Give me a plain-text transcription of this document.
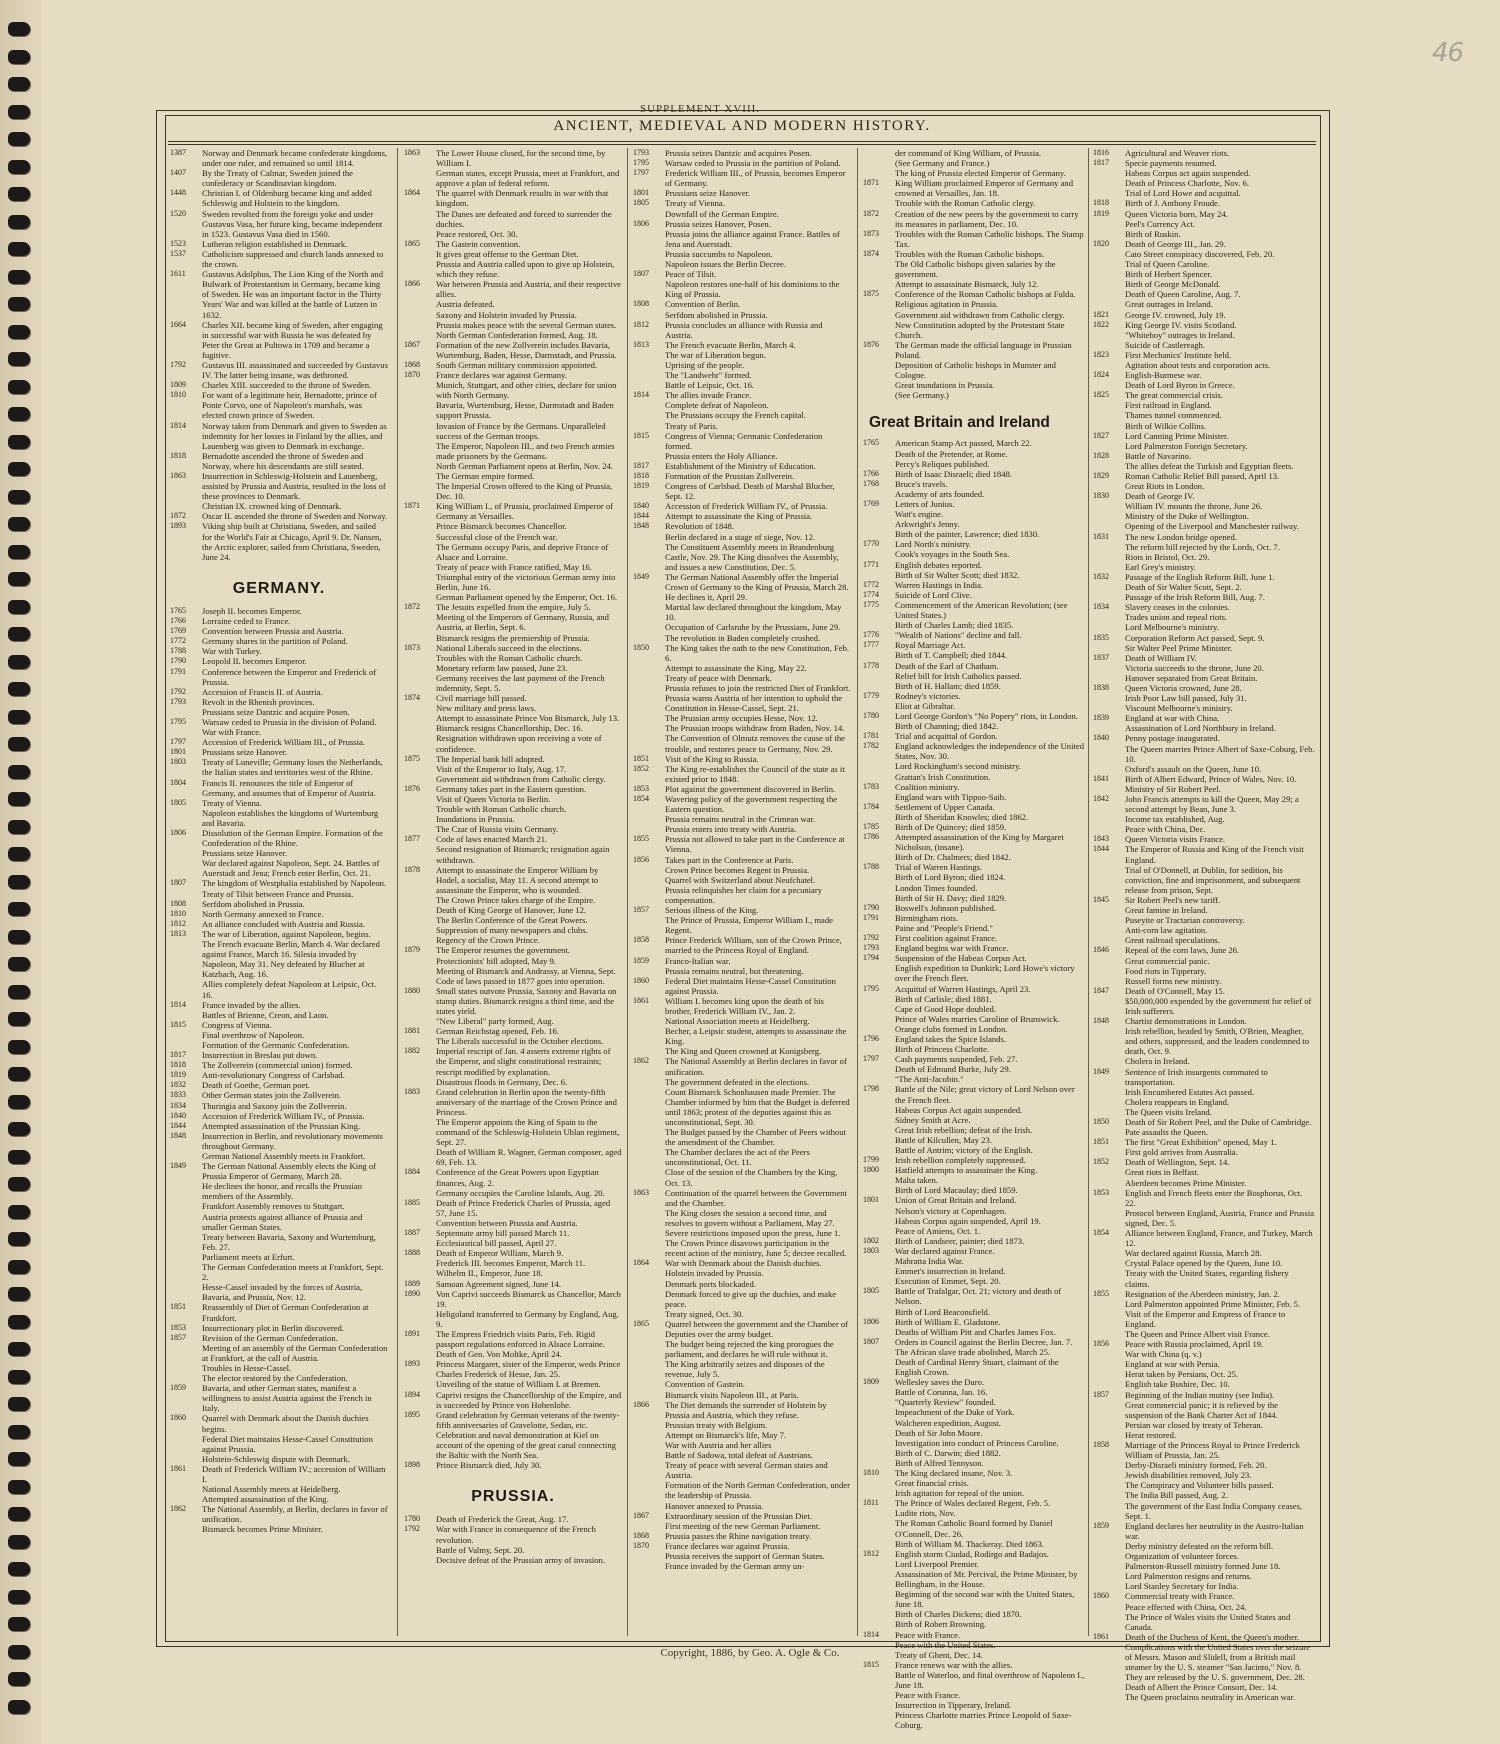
46
SUPPLEMENT XVIII.
ANCIENT, MEDIEVAL AND MODERN HISTORY.
1387	Norway and Denmark became confederate kingdoms, under one ruler, and remained so until 1814.
1407	By the Treaty of Calmar, Sweden joined the confederacy or Scandinavian kingdom.
1448	Christian I. of Oldenburg became king and added Schleswig and Holstein to the kingdom.
1520	Sweden revolted from the foreign yoke and under Gustavus Vasa, her future king, became independent in 1523. Gustavus Vasa died in 1560.
1523	Lutheran religion established in Denmark.
1537	Catholicism suppressed and church lands annexed to the crown.
1611	Gustavus Adolphus, The Lion King of the North and Bulwark of Protestantism in Germany, became king of Sweden. He was an important factor in the Thirty Years' War and was killed at the battle of Lutzen in 1632.
1664	Charles XII. became king of Sweden, after engaging in successful war with Russia he was defeated by Peter the Great at Pultowa in 1709 and became a fugitive.
1792	Gustavus III. assassinated and succeeded by Gustavus IV. The latter being insane, was dethroned.
1809	Charles XIII. succeeded to the throne of Sweden.
1810	For want of a legitimate heir, Bernadotte, prince of Ponte Corvo, one of Napoleon's marshals, was elected crown prince of Sweden.
1814	Norway taken from Denmark and given to Sweden as indemnity for her losses in Finland by the allies, and Lauenberg was given to Denmark in exchange.
1818	Bernadotte ascended the throne of Sweden and Norway, where his descendants are still seated.
1863	Insurrection in Schleswig-Holstein and Lauenberg, assisted by Prussia and Austria, resulted in the loss of these provinces to Denmark.
Christian IX. crowned king of Denmark.
1872	Oscar II. ascended the throne of Sweden and Norway.
1893	Viking ship built at Christiana, Sweden, and sailed for the World's Fair at Chicago, April 9. Dr. Nansen, the Arctic explorer, sailed from Christiana, Sweden, June 24.
GERMANY.
1765	Joseph II. becomes Emperor.
1766	Lorraine ceded to France.
1769	Convention between Prussia and Austria.
1772	Germany shares in the partition of Poland.
1788	War with Turkey.
1790	Leopold II. becomes Emperor.
1791	Conference between the Emperor and Frederick of Prussia.
1792	Accession of Francis II. of Austria.
1793	Revolt in the Rhenish provinces.
Prussians seize Dantzic and acquire Posen.
1795	Warsaw ceded to Prussia in the division of Poland.
War with France.
1797	Accession of Frederick William III., of Prussia.
1801	Prussians seize Hanover.
1803	Treaty of Luneville; Germany loses the Netherlands, the Italian states and territories west of the Rhine.
1804	Francis II. renounces the title of Emperor of Germany, and assumes that of Emperor of Austria.
1805	Treaty of Vienna.
Napoleon establishes the kingdoms of Wurtemburg and Bavaria.
1806	Dissolution of the German Empire. Formation of the Confederation of the Rhine.
Prussians seize Hanover.
War declared against Napoleon, Sept. 24. Battles of Auerstadt and Jena; French enter Berlin, Oct. 21.
1807	The kingdom of Westphalia established by Napoleon.
Treaty of Tilsit between France and Prussia.
1808	Serfdom abolished in Prussia.
1810	North Germany annexed to France.
1812	An alliance concluded with Austria and Russia.
1813	The war of Liberation, against Napoleon, begins.
The French evacuate Berlin, March 4. War declared against France, March 16. Silesia invaded by Napoleon, May 31. Ney defeated by Blucher at Katzbach, Aug. 16.
Allies completely defeat Napoleon at Leipsic, Oct. 16.
1814	France invaded by the allies.
Battles of Brienne, Creon, and Laon.
1815	Congress of Vienna.
Final overthrow of Napoleon.
Formation of the Germanic Confederation.
1817	Insurrection in Breslau put down.
1818	The Zollverein (commercial union) formed.
1819	Anti-revolutionary Congress of Carlsbad.
1832	Death of Goethe, German poet.
1833	Other German states join the Zollverein.
1834	Thuringia and Saxony join the Zollverein.
1840	Accession of Frederick William IV., of Prussia.
1844	Attempted assassination of the Prussian King.
1848	Insurrection in Berlin, and revolutionary movements throughout Germany.
German National Assembly meets in Frankfort.
1849	The German National Assembly elects the King of Prussia Emperor of Germany, March 28.
He declines the honor, and recalls the Prussian members of the Assembly.
Frankfort Assembly removes to Stuttgart.
Austria protests against alliance of Prussia and smaller German States.
Treaty between Bavaria, Saxony and Wurtemburg, Feb. 27.
Parliament meets at Erfurt.
The German Confederation meets at Frankfort, Sept. 2.
Hesse-Cassel invaded by the forces of Austria, Bavaria, and Prussia, Nov. 12.
1851	Reassembly of Diet of German Confederation at Frankfort.
1853	Insurrectionary plot in Berlin discovered.
1857	Revision of the German Confederation.
Meeting of an assembly of the German Confederation at Frankfort, at the call of Austria.
Troubles in Hesse-Cassel.
The elector restored by the Confederation.
1859	Bavaria, and other German states, manifest a willingness to assist Austria against the French in Italy.
1860	Quarrel with Denmark about the Danish duchies begins.
Federal Diet maintains Hesse-Cassel Constitution against Prussia.
Holstein-Schleswig dispute with Denmark.
1861	Death of Frederick William IV.; accession of William I.
National Assembly meets at Heidelberg.
Attempted assassination of the King.
1862	The National Assembly, at Berlin, declares in favor of unification.
Bismarck becomes Prime Minister.
1863	The Lower House closed, for the second time, by William I.
German states, except Prussia, meet at Frankfort, and approve a plan of federal reform.
1864	The quarrel with Denmark results in war with that kingdom.
The Danes are defeated and forced to surrender the duchies.
Peace restored, Oct. 30.
1865	The Gastein convention.
It gives great offense to the German Diet.
Prussia and Austria called upon to give up Holstein, which they refuse.
1866	War between Prussia and Austria, and their respective allies.
Austria defeated.
Saxony and Holstein invaded by Prussia.
Prussia makes peace with the several German states.
North German Confederation formed, Aug. 18.
1867	Formation of the new Zollverein includes Bavaria, Wurtemburg, Baden, Hesse, Darmstadt, and Prussia.
1868	South German military commission appointed.
1870	France declares war against Germany.
Munich, Stuttgart, and other cities, declare for union with North Germany.
Bavaria, Wurtemburg, Hesse, Darmstadt and Baden support Prussia.
Invasion of France by the Germans. Unparalleled success of the German troops.
The Emperor, Napoleon III., and two French armies made prisoners by the Germans.
North German Parliament opens at Berlin, Nov. 24.
The German empire formed.
The Imperial Crown offered to the King of Prussia, Dec. 10.
1871	King William I., of Prussia, proclaimed Emperor of Germany at Versailles.
Prince Bismarck becomes Chancellor.
Successful close of the French war.
The Germans occupy Paris, and deprive France of Alsace and Lorraine.
Treaty of peace with France ratified, May 16.
Triumphal entry of the victorious German army into Berlin, June 16.
German Parliament opened by the Emperor, Oct. 16.
1872	The Jesuits expelled from the empire, July 5.
Meeting of the Emperors of Germany, Russia, and Austria, at Berlin, Sept. 6.
Bismarck resigns the premiership of Prussia.
1873	National Liberals succeed in the elections.
Troubles with the Roman Catholic church.
Monetary reform law passed, June 23.
Germany receives the last payment of the French indemnity, Sept. 5.
1874	Civil marriage bill passed.
New military and press laws.
Attempt to assassinate Prince Von Bismarck, July 13.
Bismarck resigns Chancellorship, Dec. 16. Resignation withdrawn upon receiving a vote of confidence.
1875	The Imperial bank bill adopted.
Visit of the Emperor to Italy, Aug. 17.
Government aid withdrawn from Catholic clergy.
1876	Germany takes part in the Eastern question.
Visit of Queen Victoria to Berlin.
Trouble with Roman Catholic church.
Inundations in Prussia.
The Czar of Russia visits Germany.
1877	Code of laws enacted March 21.
Second resignation of Bismarck; resignation again withdrawn.
1878	Attempt to assassinate the Emperor William by Hodel, a socialist, May 11. A second attempt to assassinate the Emperor, who is wounded.
The Crown Prince takes charge of the Empire.
Death of King George of Hanover, June 12.
The Berlin Conference of the Great Powers.
Suppression of many newspapers and clubs.
Regency of the Crown Prince.
1879	The Emperor resumes the government.
Protectionists' bill adopted, May 9.
Meeting of Bismarck and Andrassy, at Vienna, Sept.
Code of laws passed in 1877 goes into operation.
1880	Small states outvote Prussia, Saxony and Bavaria on stamp duties. Bismarck resigns a third time, and the states yield.
"New Liberal" party formed, Aug.
1881	German Reichstag opened, Feb. 16.
The Liberals successful in the October elections.
1882	Imperial rescript of Jan. 4 asserts extreme rights of the Emperor, and slight constitutional restraints; rescript modified by explanation.
Disastrous floods in Germany, Dec. 6.
1883	Grand celebration in Berlin upon the twenty-fifth anniversary of the marriage of the Crown Prince and Princess.
The Emperor appoints the King of Spain to the command of the Schleswig-Holstein Uhlan regiment, Sept. 27.
Death of William R. Wagner, German composer, aged 69, Feb. 13.
1884	Conference of the Great Powers upon Egyptian finances, Aug. 2.
Germany occupies the Caroline Islands, Aug. 20.
1885	Death of Prince Frederick Charles of Prussia, aged 57, June 15.
Convention between Prussia and Austria.
1887	Septennate army bill passed March 11.
Ecclesiastical bill passed, April 27.
1888	Death of Emperor William, March 9.
Frederick III. becomes Emperor, March 11.
Wilhelm II., Emperor, June 18.
1889	Samoan Agreement signed, June 14.
1890	Von Caprivi succeeds Bismarck as Chancellor, March 19.
Heligoland transferred to Germany by England, Aug. 9.
1891	The Empress Friedrich visits Paris, Feb. Rigid passport regulations enforced in Alsace Lorraine.
Death of Gen. Von Moltke, April 24.
1893	Princess Margaret, sister of the Emperor, weds Prince Charles Frederick of Hesse, Jan. 25.
Unveiling of the statue of William I. at Bremen.
1894	Caprivi resigns the Chancellorship of the Empire, and is succeeded by Prince von Hohenlohe.
1895	Grand celebration by German veterans of the twenty-fifth anniversaries of Gravelotte, Sedan, etc.
Celebration and naval demonstration at Kiel on account of the opening of the great canal connecting the Baltic with the North Sea.
1898	Prince Bismarck died, July 30.
PRUSSIA.
1780	Death of Frederick the Great, Aug. 17.
1792	War with France in consequence of the French revolution.
Battle of Valmy, Sept. 20.
Decisive defeat of the Prussian army of invasion.
1793	Prussia seizes Dantzic and acquires Posen.
1795	Warsaw ceded to Prussia in the partition of Poland.
1797	Frederick William III., of Prussia, becomes Emperor of Germany.
1801	Prussians seize Hanover.
1805	Treaty of Vienna.
Downfall of the German Empire.
1806	Prussia seizes Hanover, Posen.
Prussia joins the alliance against France. Battles of Jena and Auerstadt.
Prussia succumbs to Napoleon.
Napoleon issues the Berlin Decree.
1807	Peace of Tilsit.
Napoleon restores one-half of his dominions to the King of Prussia.
1808	Convention of Berlin.
Serfdom abolished in Prussia.
1812	Prussia concludes an alliance with Russia and Austria.
1813	The French evacuate Berlin, March 4.
The war of Liberation begun.
Uprising of the people.
The "Landwehr" formed.
Battle of Leipsic, Oct. 16.
1814	The allies invade France.
Complete defeat of Napoleon.
The Prussians occupy the French capital.
Treaty of Paris.
1815	Congress of Vienna; Germanic Confederation formed.
Prussia enters the Holy Alliance.
1817	Establishment of the Ministry of Education.
1818	Formation of the Prussian Zollverein.
1819	Congress of Carlsbad. Death of Marshal Blucher, Sept. 12.
1840	Accession of Frederick William IV., of Prussia.
1844	Attempt to assassinate the King of Prussia.
1848	Revolution of 1848.
Berlin declared in a stage of siege, Nov. 12.
The Constituent Assembly meets in Brandenburg Castle, Nov. 29. The King dissolves the Assembly, and issues a new Constitution, Dec. 5.
1849	The German National Assembly offer the Imperial Crown of Germany to the King of Prussia, March 28. He declines it, April 29.
Martial law declared throughout the kingdom, May 10.
Occupation of Carlsruhe by the Prussians, June 29.
The revolution in Baden completely crushed.
1850	The King takes the oath to the new Constitution, Feb. 6.
Attempt to assassinate the King, May 22.
Treaty of peace with Denmark.
Prussia refuses to join the restricted Diet of Frankfort.
Prussia warns Austria of her intention to uphold the Constitution in Hesse-Cassel, Sept. 21.
The Prussian army occupies Hesse, Nov. 12.
The Prussian troops withdraw from Baden, Nov. 14.
The Convention of Olmutz removes the cause of the trouble, and restores peace to Germany, Nov. 29.
1851	Visit of the King to Russia.
1852	The King re-establishes the Council of the state as it existed prior to 1848.
1853	Plot against the government discovered in Berlin.
1854	Wavering policy of the government respecting the Eastern question.
Prussia remains neutral in the Crimean war.
Prussia enters into treaty with Austria.
1855	Prussia not allowed to take part in the Conference at Vienna.
1856	Takes part in the Conference at Paris.
Crown Prince becomes Regent in Prussia.
Quarrel with Switzerland about Neufchatel.
Prussia relinquishes her claim for a pecuniary compensation.
1857	Serious illness of the King.
The Prince of Prussia, Emperor William I., made Regent.
1858	Prince Frederick William, son of the Crown Prince, married to the Princess Royal of England.
1859	Franco-Italian war.
Prussia remains neutral, but threatening.
1860	Federal Diet maintains Hesse-Cassel Constitution against Prussia.
1861	William I. becomes king upon the death of his brother, Frederick William IV., Jan. 2.
National Association meets at Heidelberg.
Becher, a Leipsic student, attempts to assassinate the King.
The King and Queen crowned at Konigsberg.
1862	The National Assembly at Berlin declares in favor of unification.
The government defeated in the elections.
Count Bismarck Schonhausen made Premier. The Chamber informed by him that the Budget is deferred until 1863; protest of the deputies against this as unconstitutional, Sept. 30.
The Budget passed by the Chamber of Peers without the amendment of the Chamber.
The Chamber declares the act of the Peers unconstitutional, Oct. 11.
Close of the session of the Chambers by the King, Oct. 13.
1863	Continuation of the quarrel between the Government and the Chamber.
The King closes the session a second time, and resolves to govern without a Parliament, May 27.
Severe restrictions imposed upon the press, June 1.
The Crown Prince disavows participation in the recent action of the ministry, June 5; decree recalled.
1864	War with Denmark about the Danish duchies.
Holstein invaded by Prussia.
Denmark ports blockaded.
Denmark forced to give up the duchies, and make peace.
Treaty signed, Oct. 30.
1865	Quarrel between the government and the Chamber of Deputies over the army budget.
The budget being rejected the king prorogues the parliament, and declares he will rule without it.
The King arbitrarily seizes and disposes of the revenue, July 5.
Convention of Gastein.
Bismarck visits Napoleon III., at Paris.
1866	The Diet demands the surrender of Holstein by Prussia and Austria, which they refuse.
Prussian treaty with Belgium.
Attempt on Bismarck's life, May 7.
War with Austria and her allies
Battle of Sadowa, total defeat of Austrians.
Treaty of peace with several German states and Austria.
Formation of the North German Confederation, under the leadership of Prussia.
Hanover annexed to Prussia.
1867	Extraordinary session of the Prussian Diet.
First meeting of the new German Parliament.
1868	Prussia passes the Rhine navigation treaty.
1870	France declares war against Prussia.
Prussia receives the support of German States.
France invaded by the German army un-
der command of King William, of Prussia.
(See Germany and France.)
The king of Prussia elected Emperor of Germany.
1871	King William proclaimed Emperor of Germany and crowned at Versailles, Jan. 18.
Trouble with the Roman Catholic clergy.
1872	Creation of the new peers by the government to carry its measures in parliament, Dec. 10.
1873	Troubles with the Roman Catholic bishops. The Stamp Tax.
1874	Troubles with the Roman Catholic bishops.
The Old Catholic bishops given salaries by the government.
Attempt to assassinate Bismarck, July 12.
1875	Conference of the Roman Catholic bishops at Fulda.
Religious agitation in Prussia.
Government aid withdrawn from Catholic clergy.
New Constitution adopted by the Protestant State Church.
1876	The German made the official language in Prussian Poland.
Deposition of Catholic bishops in Munster and Cologne.
Great inundations in Prussia.
(See Germany.)
Great Britain and Ireland
1765	American Stamp Act passed, March 22.
Death of the Pretender, at Rome.
Percy's Reliques published.
1766	Birth of Isaac Disraeli; died 1848.
1768	Bruce's travels.
Academy of arts founded.
1769	Letters of Junius.
Watt's engine.
Arkwright's Jenny.
Birth of the painter, Lawrence; died 1830.
1770	Lord North's ministry.
Cook's voyages in the South Sea.
1771	English debates reported.
Birth of Sir Walter Scott; died 1832.
1772	Warren Hastings in India.
1774	Suicide of Lord Clive.
1775	Commencement of the American Revolution; (see United States.)
Birth of Charles Lamb; died 1835.
1776	"Wealth of Nations" decline and fall.
1777	Royal Marriage Act.
Birth of T. Campbell; died 1844.
1778	Death of the Earl of Chatham.
Relief bill for Irish Catholics passed.
Birth of H. Hallam; died 1859.
1779	Rodney's victories.
Eliot at Gibraltar.
1780	Lord George Gordon's "No Popery" riots, in London.
Birth of Channing; died 1842.
1781	Trial and acquittal of Gordon.
1782	England acknowledges the independence of the United States, Nov. 30.
Lord Rockingham's second ministry.
Grattan's Irish Constitution.
1783	Coalition ministry.
England wars with Tippoo-Saib.
1784	Settlement of Upper Canada.
Birth of Sheridan Knowles; died 1862.
1785	Birth of De Quincey; died 1859.
1786	Attempted assassination of the King by Margaret Nicholson, (insane).
Birth of Dr. Chalmers; died 1842.
1788	Trial of Warren Hastings.
Birth of Lord Byron; died 1824.
London Times founded.
Birth of Sir H. Davy; died 1829.
1790	Boswell's Johnson published.
1791	Birmingham riots.
Paine and "People's Friend."
1792	First coalition against France.
1793	England begins war with France.
1794	Suspension of the Habeas Corpus Act.
English expedition to Dunkirk; Lord Howe's victory over the French fleet.
1795	Acquittal of Warren Hastings, April 23.
Birth of Carlisle; died 1881.
Cape of Good Hope doubled.
Prince of Wales marries Caroline of Brunswick.
Orange clubs formed in London.
1796	England takes the Spice Islands.
Birth of Princess Charlotte.
1797	Cash payments suspended, Feb. 27.
Death of Edmund Burke, July 29.
"The Anti-Jacobin."
1798	Battle of the Nile; great victory of Lord Nelson over the French fleet.
Habeas Corpus Act again suspended.
Sidney Smith at Acre.
Great Irish rebellion; defeat of the Irish.
Battle of Kilcullen, May 23.
Battle of Antrim; victory of the English.
1799	Irish rebellion completely suppressed.
1800	Hatfield attempts to assassinate the King.
Malta taken.
Birth of Lord Macaulay; died 1859.
1801	Union of Great Britain and Ireland.
Nelson's victory at Copenhagen.
Habeas Corpus again suspended, April 19.
Peace of Amiens, Oct. 1.
1802	Birth of Landseer, painter; died 1873.
1803	War declared against France.
Mahratta India War.
Emmet's insurrection in Ireland.
Execution of Emmet, Sept. 20.
1805	Battle of Trafalgar, Oct. 21; victory and death of Nelson.
Birth of Lord Beaconsfield.
1806	Birth of William E. Gladstone.
Deaths of William Pitt and Charles James Fox.
1807	Orders in Council against the Berlin Decree, Jan. 7.
The African slave trade abolished, March 25.
Death of Cardinal Henry Stuart, claimant of the English Crown.
1809	Wellesley saves the Duro.
Battle of Corunna, Jan. 16.
"Quarterly Review" founded.
Impeachment of the Duke of York.
Walcheren expedition, August.
Death of Sir John Moore.
Investigation into conduct of Princess Caroline.
Birth of C. Darwin; died 1882.
Birth of Alfred Tennyson.
1810	The King declared insane, Nov. 3.
Great financial crisis.
Irish agitation for repeal of the union.
1811	The Prince of Wales declared Regent, Feb. 5.
Ludite riots, Nov.
The Roman Catholic Board formed by Daniel O'Connell, Dec. 26.
Birth of William M. Thackeray. Died 1863.
1812	English storm Ciudad, Rodirgo and Badajos.
Lord Liverpool Premier.
Assassination of Mr. Percival, the Prime Minister, by Bellingham, in the House.
Beginning of the second war with the United States, June 18.
Birth of Charles Dickens; died 1870.
Birth of Robert Browning.
1814	Peace with France.
Peace with the United States.
Treaty of Ghent, Dec. 14.
1815	France renews war with the allies.
Battle of Waterloo, and final overthrow of Napoleon I., June 18.
Peace with France.
Insurrection in Tipperary, Ireland.
Princess Charlotte marries Prince Leopold of Saxe-Coburg.
1816	Agricultural and Weaver riots.
1817	Specie payments resumed.
Habeas Corpus act again suspended.
Death of Princess Charlotte, Nov. 6.
Trial of Lord Howe and acquittal.
1818	Birth of J. Anthony Froude.
1819	Queen Victoria born, May 24.
Peel's Currency Act.
Birth of Ruskin.
1820	Death of George III., Jan. 29.
Cato Street conspiracy discovered, Feb. 20.
Trial of Queen Caroline.
Birth of Herbert Spencer.
Birth of George McDonald.
Death of Queen Caroline, Aug. 7.
Great outrages in Ireland.
1821	George IV. crowned, July 19.
1822	King George IV. visits Scotland.
"Whiteboy" outrages in Ireland.
Suicide of Castlereagh.
1823	First Mechanics' Institute held.
Agitation about tests and corporation acts.
1824	English-Burmese war.
Death of Lord Byron in Greece.
1825	The great commercial crisis.
First railroad in England.
Thames tunnel commenced.
Birth of Wilkie Collins.
1827	Lord Canning Prime Minister.
Lord Palmerston Foreign Secretary.
1828	Battle of Navarino.
The allies defeat the Turkish and Egyptian fleets.
1829	Roman Catholic Relief Bill passed, April 13.
Great Riots in London.
1830	Death of George IV.
William IV. mounts the throne, June 26.
Ministry of the Duke of Wellington.
Opening of the Liverpool and Manchester railway.
1831	The new London bridge opened.
The reform bill rejected by the Lords, Oct. 7.
Riots in Bristol, Oct. 29.
Earl Grey's ministry.
1832	Passage of the English Reform Bill, June 1.
Death of Sir Walter Scott, Sept. 2.
Passage of the Irish Reform Bill, Aug. 7.
1834	Slavery ceases in the colonies.
Trades union and repeal riots.
Lord Melbourne's ministry.
1835	Corporation Reform Act passed, Sept. 9.
Sir Walter Peel Prime Minister.
1837	Death of William IV.
Victoria succeeds to the throne, June 20.
Hanover separated from Great Britain.
1838	Queen Victoria crowned, June 28.
Irish Poor Law bill passed, July 31.
Viscount Melbourne's ministry.
1839	England at war with China.
Assassination of Lord Northbury in Ireland.
1840	Penny postage inaugurated.
The Queen marries Prince Albert of Saxe-Coburg, Feb. 10.
Oxford's assault on the Queen, June 10.
1841	Birth of Albert Edward, Prince of Wales, Nov. 10.
Ministry of Sir Robert Peel.
1842	John Francis attempts to kill the Queen, May 29; a second attempt by Bean, June 3.
Income tax established, Aug.
Peace with China, Dec.
1843	Queen Victoria visits France.
1844	The Emperor of Russia and King of the French visit England.
Trial of O'Donnell, at Dublin, for sedition, his conviction, fine and imprisonment, and subsequent release from prison, Sept.
1845	Sir Robert Peel's new tariff.
Great famine in Ireland.
Puseyite or Tractarian controversy.
Anti-corn law agitation.
Great railroad speculations.
1846	Repeal of the corn laws, June 26.
Great commercial panic.
Food riots in Tipperary.
Russell forms new ministry.
1847	Death of O'Connell, May 15.
$50,000,000 expended by the government for relief of Irish sufferers.
1848	Chartist demonstrations in London.
Irish rebellion, headed by Smith, O'Brien, Meagher, and others, suppressed, and the leaders condemned to death, Oct. 9.
Cholera in Ireland.
1849	Sentence of Irish insurgents commuted to transportation.
Irish Encumbered Estates Act passed.
Cholera reappears in England.
The Queen visits Ireland.
1850	Death of Sir Robert Peel, and the Duke of Cambridge.
Pate assaults the Queen.
1851	The first "Great Exhibition" opened, May 1.
First gold arrives from Australia.
1852	Death of Wellington, Sept. 14.
Great riots in Belfast.
Aberdeen becomes Prime Minister.
1853	English and French fleets enter the Bosphorus, Oct. 22.
Protocol between England, Austria, France and Prussia signed, Dec. 5.
1854	Alliance between England, France, and Turkey, March 12.
War declared against Russia, March 28.
Crystal Palace opened by the Queen, June 10.
Treaty with the United States, regarding fishery claims.
1855	Resignation of the Aberdeen ministry, Jan. 2.
Lord Palmerston appointed Prime Minister, Feb. 5.
Visit of the Emperor and Empress of France to England.
The Queen and Prince Albert visit France.
1856	Peace with Russia proclaimed, April 19.
War with China (q. v.)
England at war with Persia.
Herat taken by Persians, Oct. 25.
English take Bushire, Dec. 10.
1857	Beginning of the Indian mutiny (see India).
Great commercial panic; it is relieved by the suspension of the Bank Charter Act of 1844.
Persian war closed by treaty of Teheran.
Herat restored.
1858	Marriage of the Princess Royal to Prince Frederick William of Prussia, Jan. 25.
Derby-Disraeli ministry formed, Feb. 20.
Jewish disabilities removed, July 23.
The Conspiracy and Volunteer bills passed.
The India Bill passed, Aug. 2.
The government of the East India Company ceases, Sept. 1.
1859	England declares her neutrality in the Austro-Italian war.
Derby ministry defeated on the reform bill.
Organization of volunteer forces.
Palmerston-Russell ministry formed June 18.
Lord Palmerston resigns and returns.
Lord Stanley Secretary for India.
1860	Commercial treaty with France.
Peace effected with China, Oct. 24.
The Prince of Wales visits the United States and Canada.
1861	Death of the Duchess of Kent, the Queen's mother.
Complications with the United States over the seizure of Messrs. Mason and Slidell, from a British mail steamer by the U. S. steamer "San Jacinto," Nov. 8. They are released by the U. S. government, Dec. 28.
Death of Albert the Prince Consort, Dec. 14.
The Queen proclaims neutrality in American war.
Copyright, 1886, by Geo. A. Ogle & Co.
